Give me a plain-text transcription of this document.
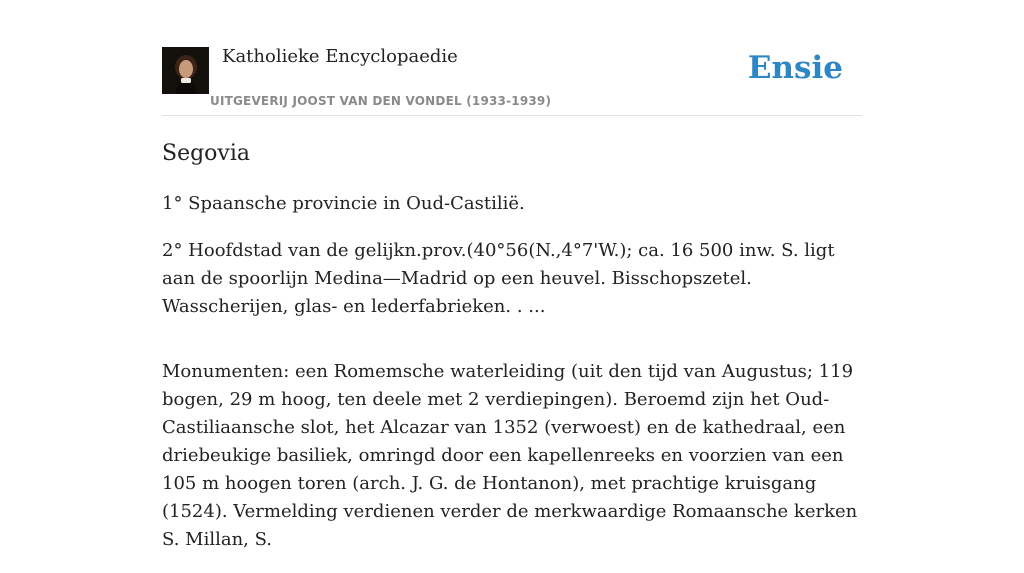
Katholieke Encyclopaedie
UITGEVERIJ JOOST VAN DEN VONDEL (1933-1939)
Ensie
Segovia

1° Spaansche provincie in Oud-Castilië.

2° Hoofdstad van de gelijkn.prov.(40°56(N.,4°7'W.); ca. 16 500 inw. S. ligt aan de spoorlijn Medina—Madrid op een heuvel. Bisschopszetel. Wasscherijen, glas- en lederfabrieken. . ...

Monumenten: een Romemsche waterleiding (uit den tijd van Augustus; 119 bogen, 29 m hoog, ten deele met 2 verdiepingen). Beroemd zijn het Oud-Castiliaansche slot, het Alcazar van 1352 (verwoest) en de kathedraal, een driebeukige basiliek, omringd door een kapellenreeks en voorzien van een 105 m hoogen toren (arch. J. G. de Hontanon), met prachtige kruisgang (1524). Vermelding verdienen verder de merkwaardige Romaansche kerken S. Millan, S.
